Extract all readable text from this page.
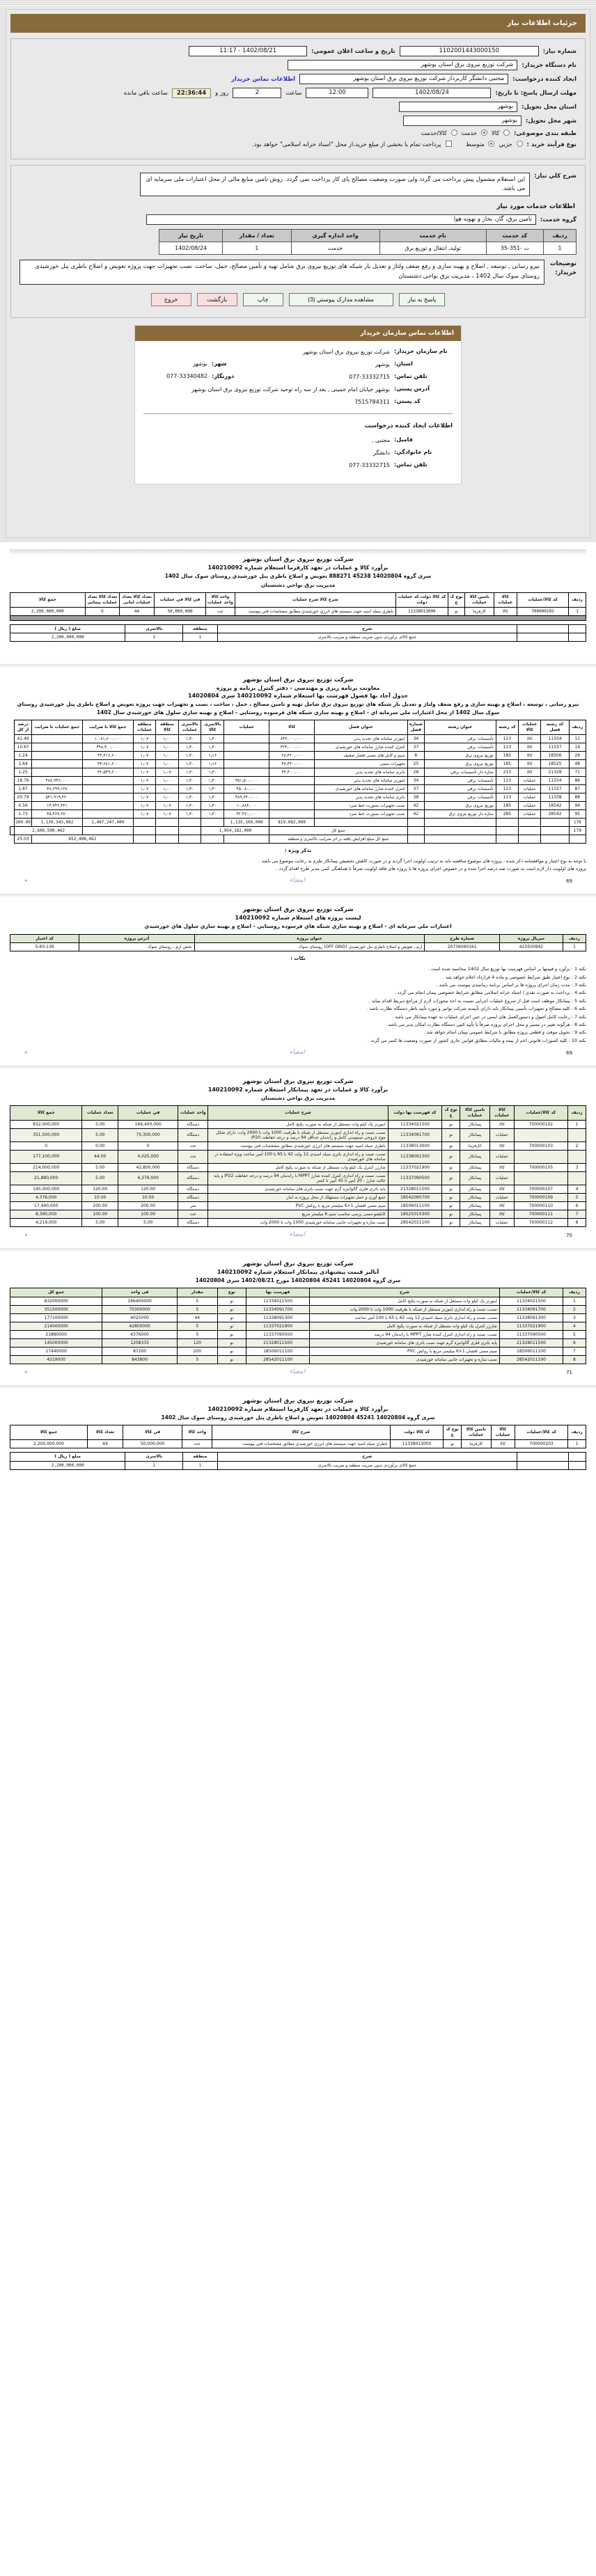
جزئیات اطلاعات نیاز
شماره نیاز:
1102001443000150
تاریخ و ساعت اعلان عمومي:
1402/08/21 - 11:17
نام دستگاه خریدار:
شرکت توزیع نیروی برق استان بوشهر
ایجاد کننده درخواست:
مجتبی دانشگر کاربرداز شرکت توزیع نیروی برق استان بوشهر
اطلاعات تماس خریدار
مهلت ارسال پاسخ: تا تاریخ:
1402/08/24
12:00
ساعت
2
روز و
22:36:44
ساعت باقي مانده
استان محل تحویل:
بوشهر
شهر محل تحویل:
بوشهر
طبقه بندی موضوعی:
کالا
خدمت
کالا/خدمت
نوع فرآیند خرید :
جزبي
متوسط
پرداخت تمام یا بخشی از مبلغ خرید،از محل "اسناد خزانه اسلامی" خواهد بود.
شرح کلي نیاز:
این استعلام مشمول پیش پرداخت می گردد ولی صورت وضعیت مصالح پای کار پرداخت نمی گردد. روش تامین منابع مالی از محل اعتبارات ملی سرمایه ای می باشد.
اطلاعات خدمات مورد نیاز
گروه خدمت:
تامین برق، گاز، بخار و تهویه هوا
ردیف	کد خدمت	نام خدمت	واحد اندازه گیری	تعداد / مقدار	تاریخ نیاز
1	ت -351-35	تولید، انتقال و توزیع برق	خدمت	1	1402/08/24
توضیحات خریدار:
نیرو رسانی , توسعه , اصلاح و بهینه سازی و رفع ضعف ولتاژ و تعدیل بار شبکه های توزیع نیروی برق شامل تهیه و تأمین مصالح، حمل، ساخت، نصب تجهیزات جهت پروژه تعویض و اصلاح باطری پنل خورشیدی روستای سوک سال 1402 ، مدیریت برق نواحی دشتستان
پاسخ به نیاز
مشاهده مدارک پیوستي (3)
چاپ
بازگشت
خروج
اطلاعات تماس سازمان خریدار
نام سازمان خریدار:
شرکت توزیع نیروی برق استان بوشهر
استان:
بوشهر
شهر:
بوشهر
تلفن تماس:
077-33332715
دورنگار:
077-33340482
آدرس پستي:
بوشهر خیابان امام خمینی , بعد از سه راه توحید شرکت توزیع نیروی برق استان بوشهر
کد پستي:
7515784311
اطلاعات ایجاد کننده درخواست
فامیل:
مجتبی ,
نام خانوادگي:
دانشگر
تلفن تماس:
077-33332715
شرکت توزیع نیروی برق استان بوشهر
برآورد کالا و عملیات در تعهد کارفرما استعلام شماره 140210092
سری گروه 14020804 45238 888271 تعویض و اصلاح باطري پنل خورشیدي روستاي سوک سال 1402
مدیریت برق نواحي دشتستان
ردیف	کد کالا/عملیات	کالا عملیات	تامین کالا عملیات	نوع ک ع	کد کالا دولت کد عملیات دولت	شرح کالا شرح عملیات	واحد کالا واحد عملیات	في کالا في عملیات	تعداد کالا تعداد عملیات امانی	تعداد کالا تعداد عملیات پیمانی	جمع کالا
1	700000103	کالا	کارفرما	نو	11338013000	باطري سیلد اسید جهت سیستم هاي انرژي خورشیدي مطابق مشخصات فني پیوست	عدد	50,000,000	44	0	2,200,000,000

		شرح	منطقه	بالاسری	مبلغ ( ریال )
		جمع کالای برآوردی بدون ضریب منطقه و ضریب بالاسری	1	1	2,200,000,000
شرکت توزیع نیروی برق استان بوشهر
معاونت برنامه ریزی و مهندسی - دفتر کنترل برنامه و پروژه
جدول آحاد بها فصول فهرست بها استعلام شماره 140210092 سری 14020804
نیرو رسانی ، توسعه ، اصلاح و بهینه سازی و رفع ضعف ولتاژ و تعدیل بار شبکه های توزیع نیروی برق شامل تهیه و تامین مصالح ، حمل ، ساخت ، نصب و تجهیزات جهت پروژه تعویض و اصلاح باطري پنل خورشیدي روستاي سوک سال 1402 از محل اعتبارات ملي سرمایه اي - اصلاح و بهینه سازي شبکه هاي فرسوده روستایي - اصلاح و بهینه سازي سلول هاي خورشیدي سال 1402
ردیف	کد رشته فصل	عملیات کالا	کد رشته	عنوان رشته	شماره فصل	عنوان فصل	کالا	عملیات	بالاسری کالا	بالاسری عملیات	منطقه کالا	منطقه عملیات	جمع کالا با ضرایب	جمع عملیات با ضرایب	درصد از کل	
11	11334	کالا	113	تأسیسات برقي	34	اینورتر سامانه هاي تجدید پذیر	۸۴۴,۰۰۰,۰۰۰		۱٫۳۰	۱٫۳۰	۱٫۰۰	۱٫۰۷	۱,۰۸۱٫۶۰۰,۰۰۰		41.49	
14	11337	کالا	113	تأسیسات برقي	37	کنترل کننده شارژ سامانه هاي خورشیدی	۴۲۴,۰۰۰,۰۰۰		۱٫۳۰	۱٫۳۰	۱٫۰۰	۱٫۰۷	۴۹۸,۴۰۰,۰۰۰		10.67	
29	18506	کالا	185	توزیع نیروی برق	6	سیم و کابل های مسی فشار ضعیف	۲۸,۴۶۰,۰۰۰		۱٫۱۶	۱٫۳۰	۱٫۰۰	۱٫۰۷	۴۴,۳۱۶,۶۰۰		1.24	
48	18525	کالا	185	توزیع نیروی برق	25	تجهیزات مسی	۴۷,۴۴۰,۰۰۰		۱٫۱۶	۱٫۳۰	۱٫۰۰	۱٫۰۷	۴۴,۶۸۱,۶۰۰		1.64	
71	21328	کالا	213	سازه دار تأسیسات برقي	28	باتری سامانه هاي تجدید پذیر	۴۴,۴۰۰,۰۰۰		۱٫۳۰	۱٫۳۰	۱٫۰۷	۱٫۰۷	۴۲,۵۴۹,۶۰۰		1.25	
86	11334	عملیات	113	تأسیسات برقي	34	اینورتر سامانه هاي تجدید پذیر		۴۵۱,۵۰۰,۰۰۰	۱٫۳۰	۱٫۳۰	۱٫۰۰	۱٫۰۷		۴۸۸,۹۴۶,۰۰۰	18.76	
87	11337	عملیات	113	تأسیسات برقي	37	کنترل کننده شارژ سامانه هاي خورشیدی		۴۵,۰۸۰,۰۰۰	۱٫۳۰	۱٫۳۰	۱٫۰۰	۱٫۰۷		۴۸,۶۹۹,۱۳۸	1.87	
88	11338	عملیات	113	تأسیسات برقي	38	باتری سامانه هاي تجدید پذیر		۴۸۹,۶۴۰,۰۰۰	۱٫۳۰	۱٫۳۰	۱٫۰۰	۱٫۰۷		۵۴۱,۹۱۹,۴۲۰	20.79	
94	18542	عملیات	185	توزیع نیروی برق	42	نصب تجهیزات بصورت خط سرد		۱۰,۸۸۴,۰۰۰	۱٫۳۰	۱٫۳۰	۱٫۰۷	۱٫۰۷		۱۴,۷۴۲,۴۴۱	0.56	
95	28542	عملیات	285	سازه دار توزیع نیروی برق	42	نصب تجهیزات بصورت خط سرد		۳۲,۴۷۰,۰۰۰	۱٫۳۰	۱٫۳۰	۱٫۰۷	۱٫۰۷		۴۵,۴۶۷,۶۷۰	1.73	
178							819,082,000	1,135,100,000					1,467,247,400	1,139,343,062	100.00	
179						جمع کل		1,954,182,000						2,606,590,462		٠
						جمع کل مبلغ افزایش یافته بر اثر ضرایب بالاسری و منطقه							652,408,462		25.03	
تذکر ویژه :
با توجه به نوع اعتبار و موافقتنامه ذکر شده ، پروژه های موضوع مناقصه باید به ترتیب اولویت اجرا گردند و در صورت کاهش تخصیص پیمانکار ملزم به رعایت موضوع می باشد .
پروژه های اولویت دار لازم است به صورت صد درصد اجرا شده و در خصوص اجرای پروژه ها با پروژه های فاقد اولویت صرفاً با هماهنگی کتبی مدیر طرح اقدام گردد .
69
امضاء
✦
شرکت توزیع نیروی برق استان بوشهر
لیست پروژه هاي استعلام شماره 140210092
اعتبارات ملی سرمایه ای - اصلاح و بهینه سازي شبکه هاي فرسوده روستایي - اصلاح و بهینه سازي سلول هاي خورشیدي
ردیف	سریال پروژه	شماره طرح	عنوان پروژه	آدرس پروژه	کد اعتبار
1	423500842	20736060161	ارم ـ تعویض و اصلاح باطري پنل خورشیدي (OFF GRID) روستای سوک	بخش ارم ـ روستاي سوک	5-60-136
نکات :
نکته 1 : برآورد و قیمتها بر اساس فهرست بها توزیع سال 1402 محاسبه شده است .
نکته 2 : نوع اعتبار طبق شرایط خصوصی و ماده 4 قرارداد اعلام خواهد شد .
نکته 3 : مدت زمان اجرای پروژه ها بر اساس برنامه زمانبندی پیوست می باشد .
نکته 4 : پرداخت به صورت نقدی / اسناد خزانه اسلامی مطابق شرایط خصوصی پیمان انجام می گردد .
نکته 5 : پیمانکار موظف است قبل از شروع عملیات اجرایی نسبت به اخذ مجوزات لازم از مراجع ذیربط اقدام نماید .
نکته 6 : کلیه مصالح و تجهیزات تأمینی پیمانکار باید دارای تأییدیه شرکت توانیر و مورد تأیید ناظر دستگاه نظارت باشد .
نکته 7 : رعایت کامل اصول و دستورالعمل های ایمنی در حین اجرای عملیات به عهده پیمانکار می باشد .
نکته 8 : هرگونه تغییر در مسیر و محل اجرای پروژه صرفاً با تأیید کتبی دستگاه نظارت امکان پذیر می باشد .
نکته 9 : تحویل موقت و قطعی پروژه مطابق با شرایط عمومی پیمان انجام خواهد شد .
نکته 10 : کلیه کسورات قانونی اعم از بیمه و مالیات مطابق قوانین جاری کشور از صورت وضعیت ها کسر می گردد .
69
امضاء
✦
شرکت توزیع نیروی برق استان بوشهر
برآورد کالا و عملیات در تعهد پیمانکار استعلام شماره 140210092
مدیریت برق نواحي دشتستان
ردیف	کد کالا/عملیات	کالا عملیات	تامین کالا عملیات	نوع ک ع	کد فهرست بها دولت	شرح عملیات	واحد عملیات	في عملیات	تعداد عملیات	جمع کالا
1	700000102	کالا	پیمانکار	نو	11334021500	اینورتر یک کیلو وات مستقل از شبکه به صورت پکیج کامل	دستگاه	166,400,000	5.00	832,000,000
		عملیات	پیمانکار	نو	11334091700	نصب، تست و راه اندازی اینورتر مستقل از شبکه با ظرفیت 1000 وات تا 2000 وات، دارای شکل موج خروجي سینوسي کامل و راندمان حداقل 94 درصد و درجه حفاظت IP20	دستگاه	70,300,000	5.00	351,500,000
2	700000103	کالا	کارفرما	نو	11338013000	باطری سیلد اسید جهت سیستم های انرژی خورشیدی مطابق مشخصات فنی پیوست	عدد	0	0.00	0
		عملیات	پیمانکار	نو	11338091300	نصب، تست و راه اندازی باتری سیلد اسیدی 12 ولت 42 با 65 با 100 آمپر ساعت ویژه استفاده در سامانه های خورشیدی	عدد	4,025,000	44.00	177,100,000
3	700000105	کالا	پیمانکار	نو	11337021900	شارژر کنترل یک کیلو وات مستقل از شبکه به صورت پکیج کامل	دستگاه	42,800,000	5.00	214,000,000
		عملیات	پیمانکار	نو	11337090500	نصب، تست و راه اندازی کنترل کننده شارژ MPPT با راندمان 94 درصد و درجه حفاظت IP22 و پایه حالت شارژ - 20 آمپر تا 45 آمپر تا کمتر	دستگاه	4,376,000	5.00	21,880,000
4	700000107	کالا	پیمانکار	نو	21328011500	پایه باتری فلزی گالوانیزه گرم جهت نصب باتری های سامانه خورشیدی	دستگاه	120.00	120.00	145,000,000
5	700000109	عملیات	پیمانکار	نو	18542090700	جمع آوری و حمل تجهیزات مستهلک از محل پروژه به انبار	دستگاه	10.00	10.00	4,376,000
6	700000110	کالا	پیمانکار	نو	18506011100	سیم مسی افشان 1×6 میلیمتر مربع با روکش PVC	متر	200.00	200.00	17,440,000
7	700000111	کالا	پیمانکار	نو	18525010300	کابلشو مسی پرسی مناسب سیم 6 میلیمتر مربع	عدد	100.00	100.00	8,390,000
8	700000112	عملیات	پیمانکار	نو	28542011100	نصب سازه و تجهیزات جانبی سامانه خورشیدی 1000 وات تا 2000 وات	دستگاه	5.00	5.00	4,219,000
70
امضاء
✦
شرکت توزیع نیروی برق استان بوشهر
آنالیز قیمت پیشنهادی پیمانکار استعلام شماره 140210092
سری گروه 14020804 45241 14020804 مورخ 1402/08/21 سری 14020804
ردیف	کد کالا/عملیات	شرح	فهرست بها	نوع	مقدار	فی واحد	جمع کل
1	11334021500	اینورتر یک کیلو وات مستقل از شبکه به صورت پکیج کامل	11334021500	نو	5	166400000	832000000
2	11334091700	نصب، تست و راه اندازی اینورتر مستقل از شبکه با ظرفیت 1000 وات تا 2000 وات	11334091700	نو	5	70300000	351500000
3	11338091300	نصب، تست و راه اندازی باتری سیلد اسیدی 12 ولت 42 با 65 با 100 آمپر ساعت	11338091300	نو	44	4025000	177100000
4	11337021900	شارژر کنترل یک کیلو وات مستقل از شبکه به صورت پکیج کامل	11337021900	نو	5	42800000	214000000
5	11337090500	نصب، تست و راه اندازی کنترل کننده شارژ MPPT با راندمان 94 درصد	11337090500	نو	5	4376000	21880000
6	21328011500	پایه باتری فلزی گالوانیزه گرم جهت نصب باتری های سامانه خورشیدی	21328011500	نو	120	1208333	145000000
7	18506011100	سیم مسی افشان 1×6 میلیمتر مربع با روکش PVC	18506011100	نو	200	87200	17440000
8	28542011100	نصب سازه و تجهیزات جانبی سامانه خورشیدی	28542011100	نو	5	843800	4219000
71
امضاء
✦
شرکت توزیع نیروی برق استان بوشهر
برآورد کالا و عملیات در تعهد کارفرما استعلام شماره 140210092
سری گروه 14020804 45241 14020804 تعویض و اصلاح باطري پنل خورشیدي روستاي سوک سال 1402
ردیف	کد کالا/عملیات	کالا عملیات	تامین کالا عملیات	نوع ک ع	کد کالا دولت	شرح کالا	واحد کالا	في کالا	تعداد کالا	جمع کالا
1	700000103	کالا	کارفرما	نو	11338013000	باطري سیلد اسید جهت سیستم هاي انرژي خورشیدي مطابق مشخصات فني پیوست	عدد	50,000,000	44	2,200,000,000
		شرح	منطقه	بالاسری	مبلغ ( ریال )
		جمع کالای برآوردی بدون ضریب منطقه و ضریب بالاسری	1	1	2,200,000,000
